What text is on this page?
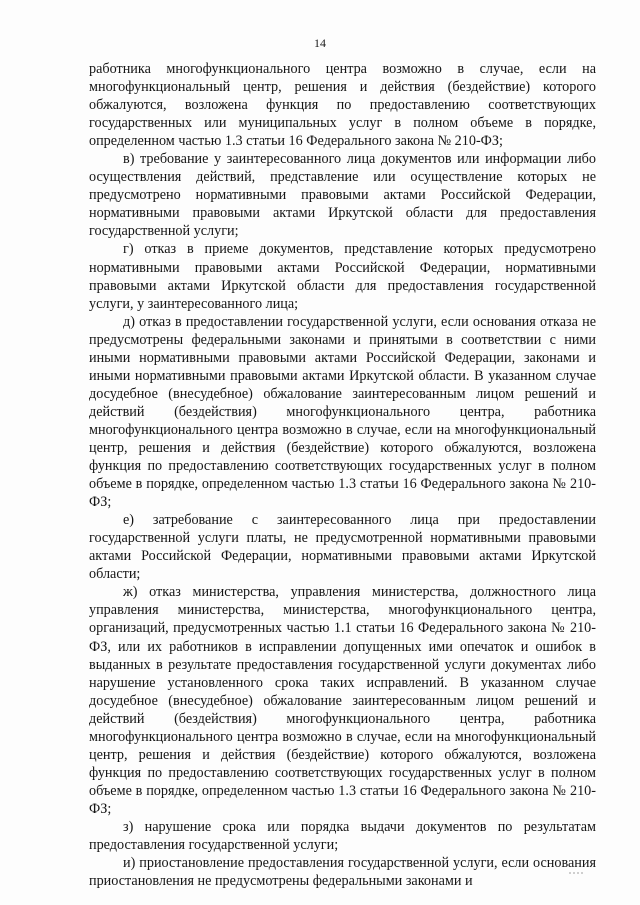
14

работника многофункционального центра возможно в случае, если на многофункциональный центр, решения и действия (бездействие) которого обжалуются, возложена функция по предоставлению соответствующих государственных или муниципальных услуг в полном объеме в порядке, определенном частью 1.3 статьи 16 Федерального закона № 210-ФЗ;

в) требование у заинтересованного лица документов или информации либо осуществления действий, представление или осуществление которых не предусмотрено нормативными правовыми актами Российской Федерации, нормативными правовыми актами Иркутской области для предоставления государственной услуги;

г) отказ в приеме документов, представление которых предусмотрено нормативными правовыми актами Российской Федерации, нормативными правовыми актами Иркутской области для предоставления государственной услуги, у заинтересованного лица;

д) отказ в предоставлении государственной услуги, если основания отказа не предусмотрены федеральными законами и принятыми в соответствии с ними иными нормативными правовыми актами Российской Федерации, законами и иными нормативными правовыми актами Иркутской области. В указанном случае досудебное (внесудебное) обжалование заинтересованным лицом решений и действий (бездействия) многофункционального центра, работника многофункционального центра возможно в случае, если на многофункциональный центр, решения и действия (бездействие) которого обжалуются, возложена функция по предоставлению соответствующих государственных услуг в полном объеме в порядке, определенном частью 1.3 статьи 16 Федерального закона № 210-ФЗ;

е) затребование с заинтересованного лица при предоставлении государственной услуги платы, не предусмотренной нормативными правовыми актами Российской Федерации, нормативными правовыми актами Иркутской области;

ж) отказ министерства, управления министерства, должностного лица управления министерства, министерства, многофункционального центра, организаций, предусмотренных частью 1.1 статьи 16 Федерального закона № 210-ФЗ, или их работников в исправлении допущенных ими опечаток и ошибок в выданных в результате предоставления государственной услуги документах либо нарушение установленного срока таких исправлений. В указанном случае досудебное (внесудебное) обжалование заинтересованным лицом решений и действий (бездействия) многофункционального центра, работника многофункционального центра возможно в случае, если на многофункциональный центр, решения и действия (бездействие) которого обжалуются, возложена функция по предоставлению соответствующих государственных услуг в полном объеме в порядке, определенном частью 1.3 статьи 16 Федерального закона № 210-ФЗ;

з) нарушение срока или порядка выдачи документов по результатам предоставления государственной услуги;

и) приостановление предоставления государственной услуги, если основания приостановления не предусмотрены федеральными законами и
